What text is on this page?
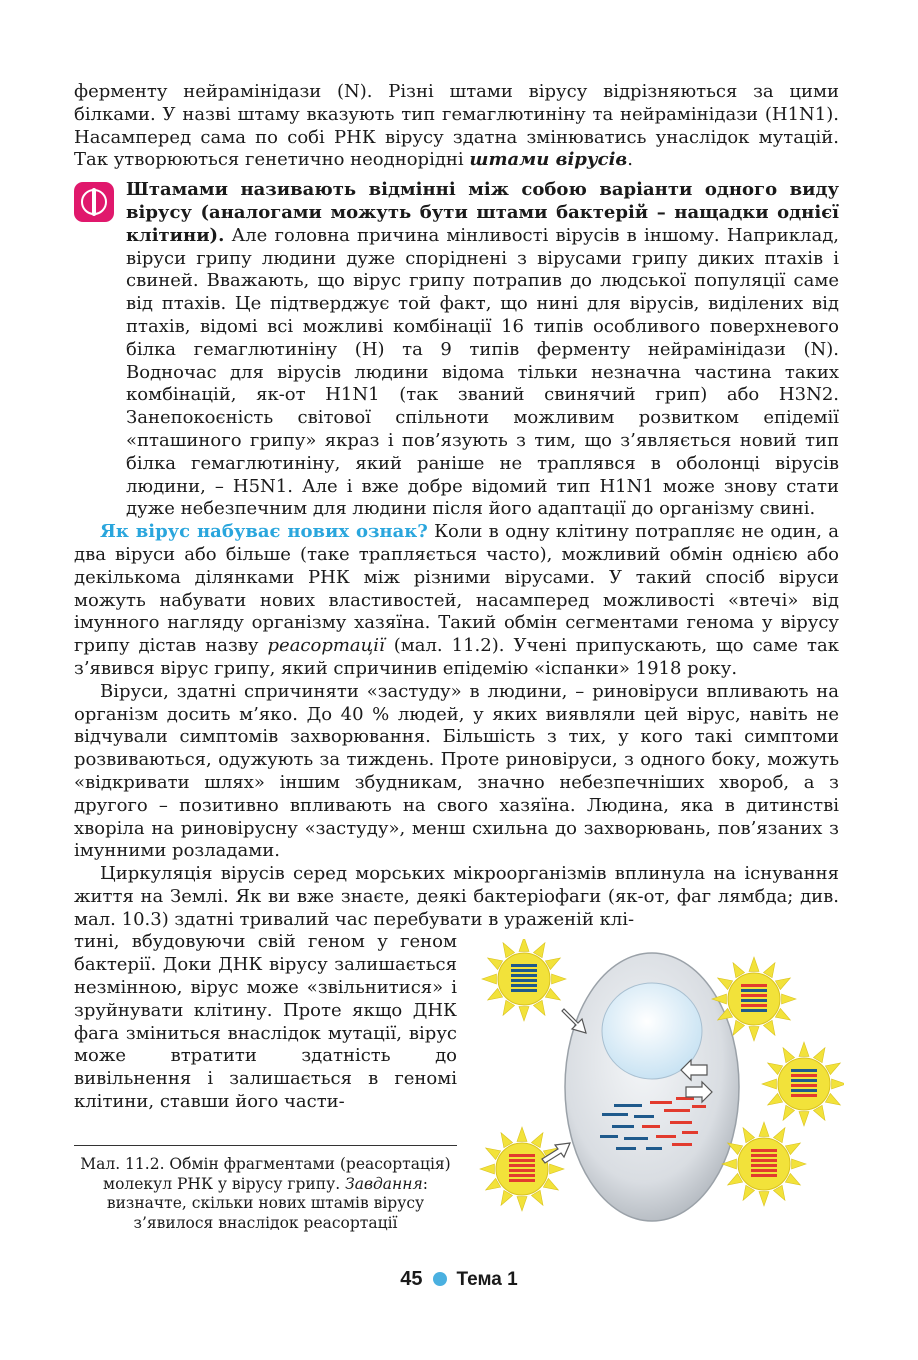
ферменту нейрамінідази (N). Різні штами вірусу відрізняються за цими білками. У назві штаму вказують тип гемаглютиніну та нейрамінідази (H1N1). Насамперед сама по собі РНК вірусу здатна змінюватись унаслідок мутацій. Так утворюються генетично неоднорідні штами вірусів.

Штамами називають відмінні між собою варіанти одного виду вірусу (аналогами можуть бути штами бактерій – нащадки однієї клітини). Але головна причина мінливості вірусів в іншому. Наприклад, віруси грипу людини дуже споріднені з вірусами грипу диких птахів і свиней. Вважають, що вірус грипу потрапив до людської популяції саме від птахів. Це підтверджує той факт, що нині для вірусів, виділених від птахів, відомі всі можливі комбінації 16 типів особливого поверхневого білка гемаглютиніну (H) та 9 типів ферменту нейрамінідази (N). Водночас для вірусів людини відома тільки незначна частина таких комбінацій, як-от H1N1 (так званий свинячий грип) або H3N2. Занепокоєність світової спільноти можливим розвитком епідемії «пташиного грипу» якраз і пов’язують з тим, що з’являється новий тип білка гемаглютиніну, який раніше не траплявся в оболонці вірусів людини, – H5N1. Але і вже добре відомий тип H1N1 може знову стати дуже небезпечним для людини після його адаптації до організму свині.

Як вірус набуває нових ознак? Коли в одну клітину потрапляє не один, а два віруси або більше (таке трапляється часто), можливий обмін однією або декількома ділянками РНК між різними вірусами. У такий спосіб віруси можуть набувати нових властивостей, насамперед можливості «втечі» від імунного нагляду організму хазяїна. Такий обмін сегментами генома у вірусу грипу дістав назву реасортації (мал. 11.2). Учені припускають, що саме так з’явився вірус грипу, який спричинив епідемію «іспанки» 1918 року.

Віруси, здатні спричиняти «застуду» в людини, – риновіруси впливають на організм досить м’яко. До 40 % людей, у яких виявляли цей вірус, навіть не відчували симптомів захворювання. Більшість з тих, у кого такі симптоми розвиваються, одужують за тиждень. Проте риновіруси, з одного боку, можуть «відкривати шлях» іншим збудникам, значно небезпечніших хвороб, а з другого – позитивно впливають на свого хазяїна. Людина, яка в дитинстві хворіла на риновірусну «застуду», менш схильна до захворювань, пов’язаних з імунними розладами.

Циркуляція вірусів серед морських мікроорганізмів вплинула на існування життя на Землі. Як ви вже знаєте, деякі бактеріофаги (як-от, фаг лямбда; див. мал. 10.3) здатні тривалий час перебувати в ураженій клі-

тині, вбудовуючи свій геном у геном бактерії. Доки ДНК вірусу залишається незмінною, вірус може «звільнитися» і зруйнувати клітину. Проте якщо ДНК фага зміниться внаслідок мутації, вірус може втратити здатність до вивільнення і залишається в геномі клітини, ставши його части-

Мал. 11.2. Обмін фрагментами (реасортація) молекул РНК у вірусу грипу. Завдання: визначте, скільки нових штамів вірусу з’явилося внаслідок реасортації
45 Тема 1
